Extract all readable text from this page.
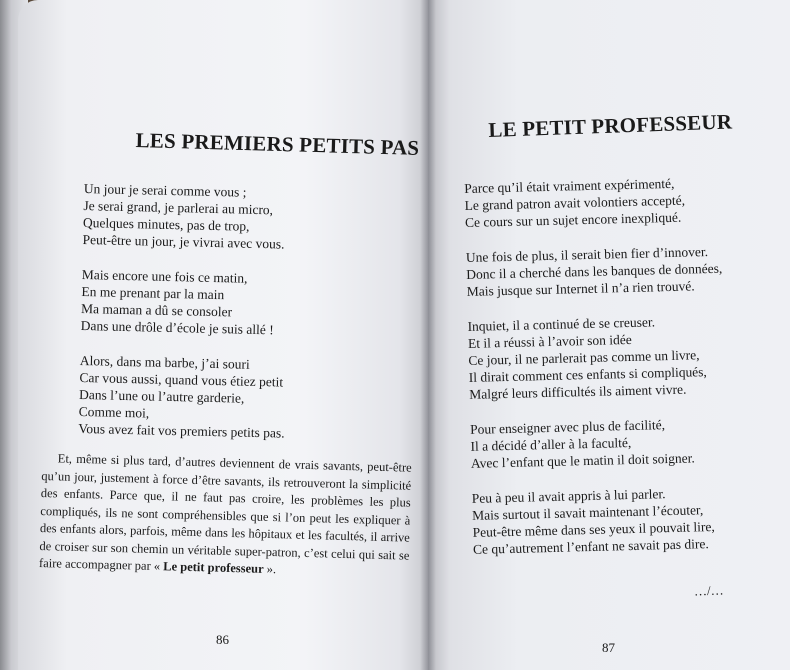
LES PREMIERS PETITS PAS
Un jour je serai comme vous ;
Je serai grand, je parlerai au micro,
Quelques minutes, pas de trop,
Peut-être un jour, je vivrai avec vous.
Mais encore une fois ce matin,
En me prenant par la main
Ma maman a dû se consoler
Dans une drôle d’école je suis allé !
Alors, dans ma barbe, j’ai souri
Car vous aussi, quand vous étiez petit
Dans l’une ou l’autre garderie,
Comme moi,
Vous avez fait vos premiers petits pas.

Et, même si plus tard, d’autres deviennent de vrais savants, peut-être qu’un jour, justement à force d’être savants, ils retrouveront la simplicité des enfants. Parce que, il ne faut pas croire, les problèmes les plus compliqués, ils ne sont compréhensibles que si l’on peut les expliquer à des enfants alors, parfois, même dans les hôpitaux et les facultés, il arrive de croiser sur son chemin un véritable super-patron, c’est celui qui sait se faire accompagner par « Le petit professeur ».

86
LE PETIT PROFESSEUR
Parce qu’il était vraiment expérimenté,
Le grand patron avait volontiers accepté,
Ce cours sur un sujet encore inexpliqué.
Une fois de plus, il serait bien fier d’innover.
Donc il a cherché dans les banques de données,
Mais jusque sur Internet il n’a rien trouvé.
Inquiet, il a continué de se creuser.
Et il a réussi à l’avoir son idée
Ce jour, il ne parlerait pas comme un livre,
Il dirait comment ces enfants si compliqués,
Malgré leurs difficultés ils aiment vivre.
Pour enseigner avec plus de facilité,
Il a décidé d’aller à la faculté,
Avec l’enfant que le matin il doit soigner.
Peu à peu il avait appris à lui parler.
Mais surtout il savait maintenant l’écouter,
Peut-être même dans ses yeux il pouvait lire,
Ce qu’autrement l’enfant ne savait pas dire.
…/…
87
